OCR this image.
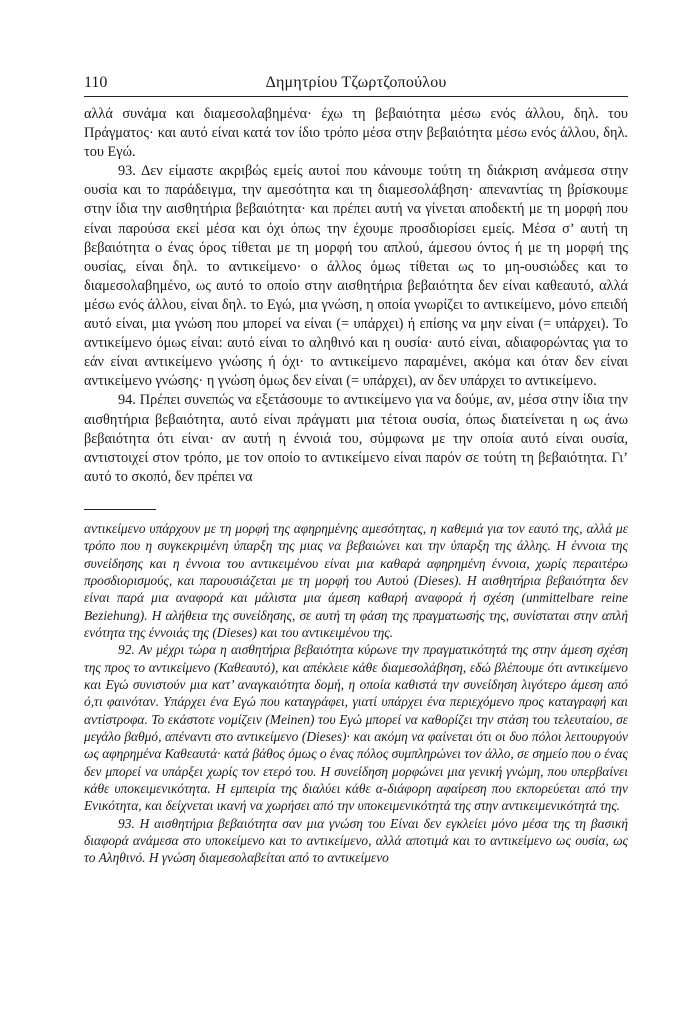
110	Δημητρίου Τζωρτζοπούλου

αλλά συνάμα και διαμεσολαβημένα· έχω τη βεβαιότητα μέσω ενός άλλου, δηλ. του Πράγματος· και αυτό είναι κατά τον ίδιο τρόπο μέσα στην βεβαιότητα μέσω ενός άλλου, δηλ. του Εγώ.

93. Δεν είμαστε ακριβώς εμείς αυτοί που κάνουμε τούτη τη διάκριση ανάμεσα στην ουσία και το παράδειγμα, την αμεσότητα και τη διαμεσολάβηση· απεναντίας τη βρίσκουμε στην ίδια την αισθητήρια βεβαιότητα· και πρέπει αυτή να γίνεται αποδεκτή με τη μορφή που είναι παρούσα εκεί μέσα και όχι όπως την έχουμε προσδιορίσει εμείς. Μέσα σ’ αυτή τη βεβαιότητα ο ένας όρος τίθεται με τη μορφή του απλού, άμεσου όντος ή με τη μορφή της ουσίας, είναι δηλ. το αντικείμενο· ο άλλος όμως τίθεται ως το μη-ουσιώδες και το διαμεσολαβημένο, ως αυτό το οποίο στην αισθητήρια βεβαιότητα δεν είναι καθεαυτό, αλλά μέσω ενός άλλου, είναι δηλ. το Εγώ, μια γνώση, η οποία γνωρίζει το αντικείμενο, μόνο επειδή αυτό είναι, μια γνώση που μπορεί να είναι (= υπάρχει) ή επίσης να μην είναι (= υπάρχει). Το αντικείμενο όμως είναι: αυτό είναι το αληθινό και η ουσία· αυτό είναι, αδιαφορώντας για το εάν είναι αντικείμενο γνώσης ή όχι· το αντικείμενο παραμένει, ακόμα και όταν δεν είναι αντικείμενο γνώσης· η γνώση όμως δεν είναι (= υπάρχει), αν δεν υπάρχει το αντικείμενο.

94. Πρέπει συνεπώς να εξετάσουμε το αντικείμενο για να δούμε, αν, μέσα στην ίδια την αισθητήρια βεβαιότητα, αυτό είναι πράγματι μια τέτοια ουσία, όπως διατείνεται η ως άνω βεβαιότητα ότι είναι· αν αυτή η έννοιά του, σύμφωνα με την οποία αυτό είναι ουσία, αντιστοιχεί στον τρόπο, με τον οποίο το αντικείμενο είναι παρόν σε τούτη τη βεβαιότητα. Γι’ αυτό το σκοπό, δεν πρέπει να

αντικείμενο υπάρχουν με τη μορφή της αφηρημένης αμεσότητας, η καθεμιά για τον εαυτό της, αλλά με τρόπο που η συγκεκριμένη ύπαρξη της μιας να βεβαιώνει και την ύπαρξη της άλλης. Η έννοια της συνείδησης και η έννοια του αντικειμένου είναι μια καθαρά αφηρημένη έννοια, χωρίς περαιτέρω προσδιορισμούς, και παρουσιάζεται με τη μορφή του Αυτού (Dieses). Η αισθητήρια βεβαιότητα δεν είναι παρά μια αναφορά και μάλιστα μια άμεση καθαρή αναφορά ή σχέση (unmittelbare reine Beziehung). Η αλήθεια της συνείδησης, σε αυτή τη φάση της πραγματωσής της, συνίσταται στην απλή ενότητα της έννοιάς της (Dieses) και του αντικειμένου της.

92. Αν μέχρι τώρα η αισθητήρια βεβαιότητα κύρωνε την πραγματικότητά της στην άμεση σχέση της προς το αντικείμενο (Καθεαυτό), και απέκλειε κάθε διαμεσολάβηση, εδώ βλέπουμε ότι αντικείμενο και Εγώ συνιστούν μια κατ’ αναγκαιότητα δομή, η οποία καθιστά την συνείδηση λιγότερο άμεση από ό,τι φαινόταν. Υπάρχει ένα Εγώ που καταγράφει, γιατί υπάρχει ένα περιεχόμενο προς καταγραφή και αντίστροφα. Το εκάστοτε νομίζειν (Meinen) του Εγώ μπορεί να καθορίζει την στάση του τελευταίου, σε μεγάλο βαθμό, απέναντι στο αντικείμενο (Dieses)· και ακόμη να φαίνεται ότι οι δυο πόλοι λειτουργούν ως αφηρημένα Καθεαυτά· κατά βάθος όμως ο ένας πόλος συμπληρώνει τον άλλο, σε σημείο που ο ένας δεν μπορεί να υπάρξει χωρίς τον ετερό του. Η συνείδηση μορφώνει μια γενική γνώμη, που υπερβαίνει κάθε υποκειμενικότητα. Η εμπειρία της διαλύει κάθε α-διάφορη αφαίρεση που εκπορεύεται από την Ενικότητα, και δείχνεται ικανή να χωρήσει από την υποκειμενικότητά της στην αντικειμενικότητά της.

93. Η αισθητήρια βεβαιότητα σαν μια γνώση του Είναι δεν εγκλείει μόνο μέσα της τη βασική διαφορά ανάμεσα στο υποκείμενο και το αντικείμενο, αλλά αποτιμά και το αντικείμενο ως ουσία, ως το Αληθινό. Η γνώση διαμεσολαβείται από το αντικείμενο
